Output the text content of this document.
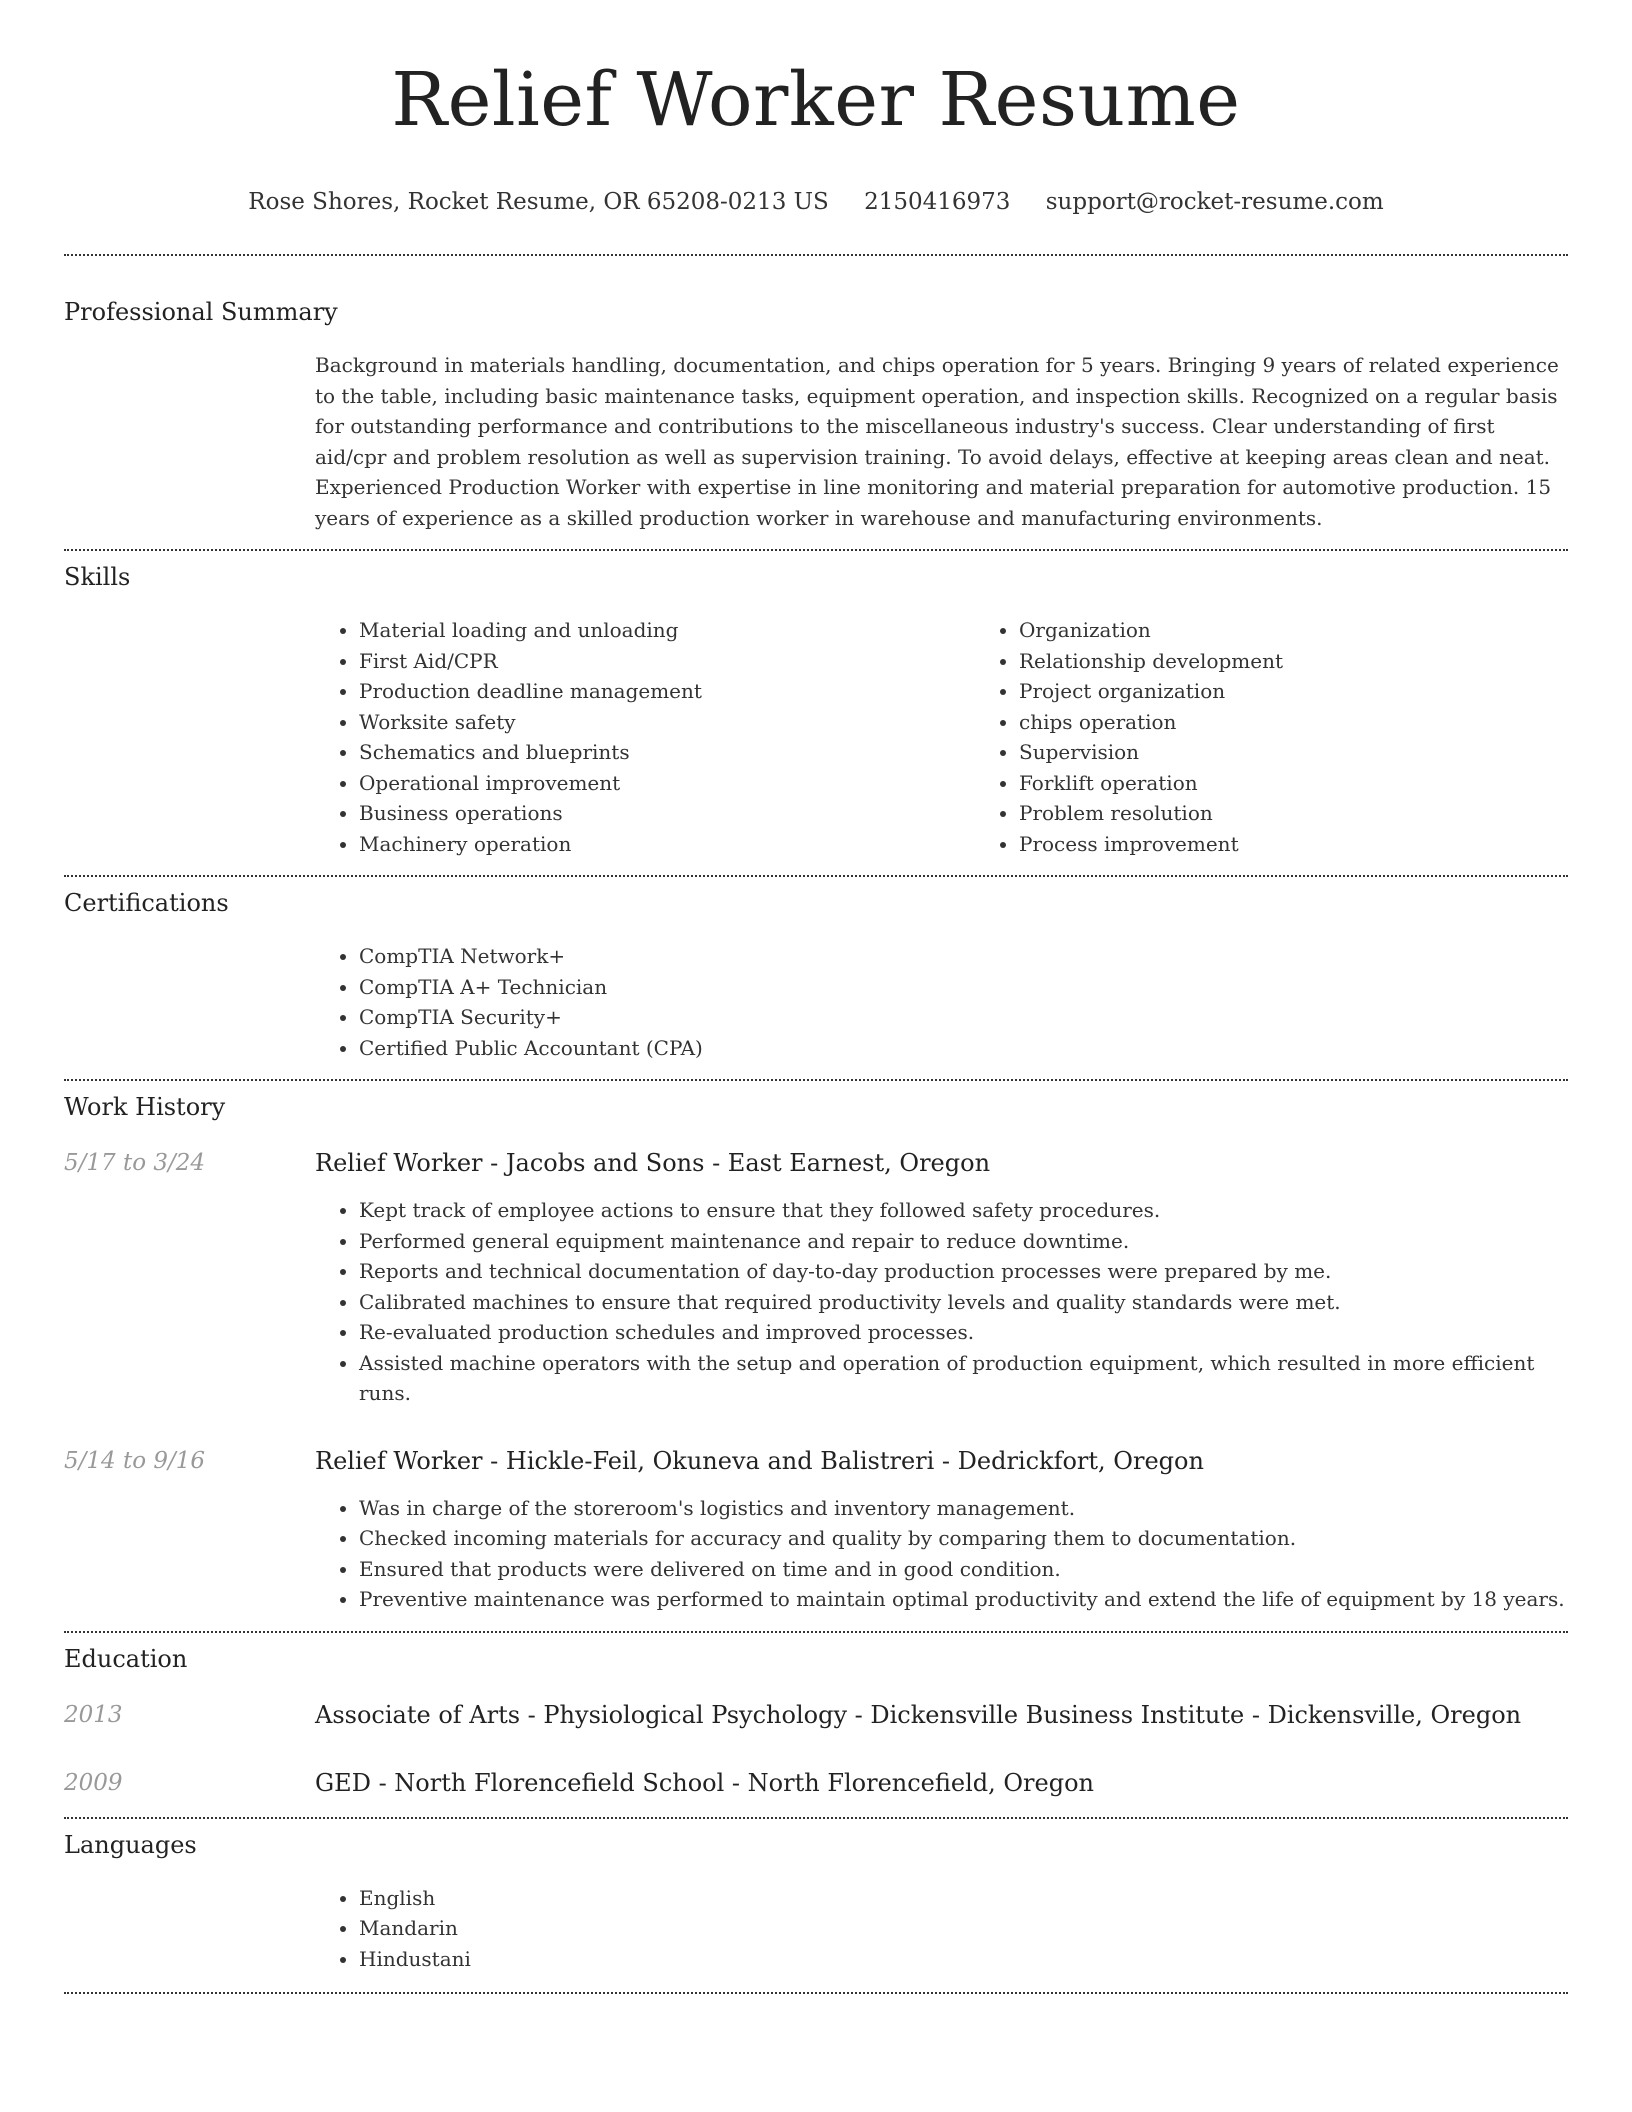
Relief Worker Resume
Rose Shores, Rocket Resume, OR 65208-0213 US 2150416973 support@rocket-resume.com
Professional Summary

Background in materials handling, documentation, and chips operation for 5 years. Bringing 9 years of related experience to the table, including basic maintenance tasks, equipment operation, and inspection skills. Recognized on a regular basis for outstanding performance and contributions to the miscellaneous industry's success. Clear understanding of first aid/cpr and problem resolution as well as supervision training. To avoid delays, effective at keeping areas clean and neat. Experienced Production Worker with expertise in line monitoring and material preparation for automotive production. 15 years of experience as a skilled production worker in warehouse and manufacturing environments.

Skills
• Material loading and unloading
• First Aid/CPR
• Production deadline management
• Worksite safety
• Schematics and blueprints
• Operational improvement
• Business operations
• Machinery operation
• Organization
• Relationship development
• Project organization
• chips operation
• Supervision
• Forklift operation
• Problem resolution
• Process improvement
Certifications
• CompTIA Network+
• CompTIA A+ Technician
• CompTIA Security+
• Certified Public Accountant (CPA)
Work History
5/17 to 3/24	Relief Worker - Jacobs and Sons - East Earnest, Oregon
• Kept track of employee actions to ensure that they followed safety procedures.
• Performed general equipment maintenance and repair to reduce downtime.
• Reports and technical documentation of day-to-day production processes were prepared by me.
• Calibrated machines to ensure that required productivity levels and quality standards were met.
• Re-evaluated production schedules and improved processes.
• Assisted machine operators with the setup and operation of production equipment, which resulted in more efficient runs.
5/14 to 9/16	Relief Worker - Hickle-Feil, Okuneva and Balistreri - Dedrickfort, Oregon
• Was in charge of the storeroom's logistics and inventory management.
• Checked incoming materials for accuracy and quality by comparing them to documentation.
• Ensured that products were delivered on time and in good condition.
• Preventive maintenance was performed to maintain optimal productivity and extend the life of equipment by 18 years.
Education
2013	Associate of Arts - Physiological Psychology - Dickensville Business Institute - Dickensville, Oregon
2009	GED - North Florencefield School - North Florencefield, Oregon
Languages
• English
• Mandarin
• Hindustani
